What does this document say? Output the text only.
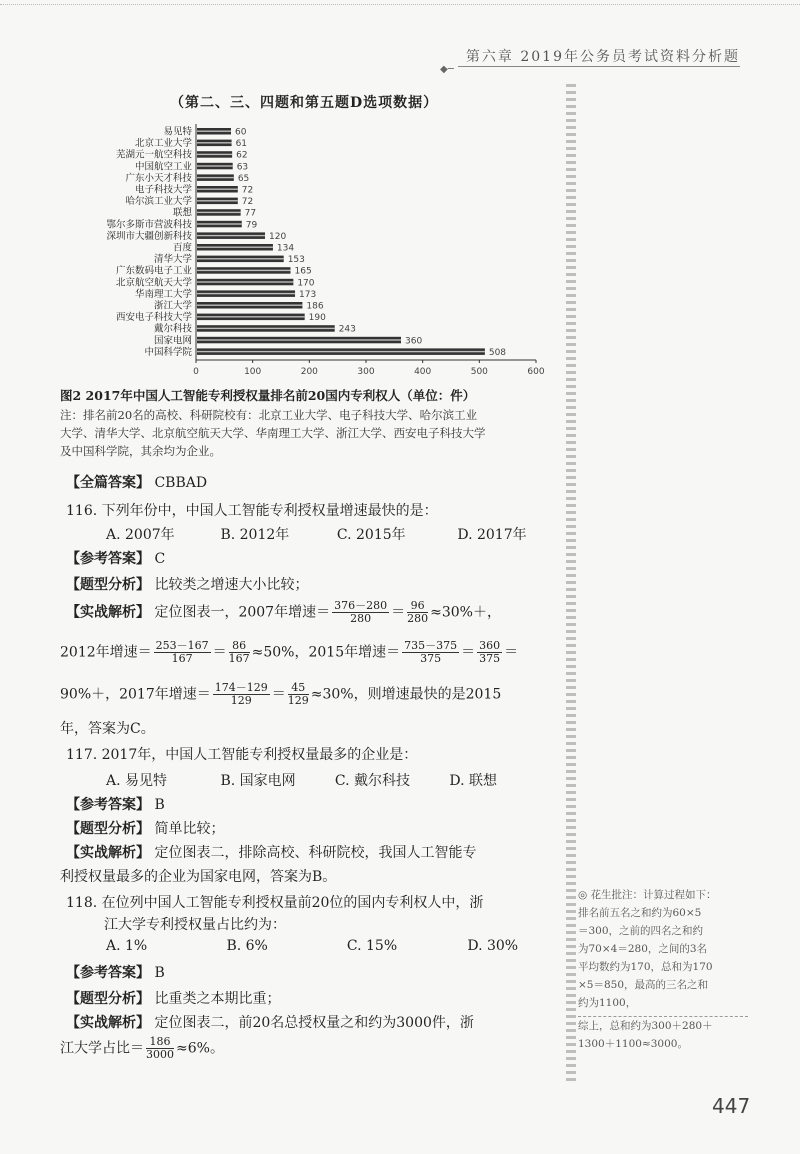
第六章 2019年公务员考试资料分析题
◆─
（第二、三、四题和第五题D选项数据）
易见特	60
北京工业大学	61
芜湖元一航空科技	62
中国航空工业	63
广东小天才科技	65
电子科技大学	72
哈尔滨工业大学	72
联想	77
鄂尔多斯市营波科技	79
深圳市大疆创新科技	120
百度	134
清华大学	153
广东数码电子工业	165
北京航空航天大学	170
华南理工大学	173
浙江大学	186
西安电子科技大学	190
戴尔科技	243
国家电网	360
中国科学院	508
0	100	200	300	400	500	600
图2 2017年中国人工智能专利授权量排名前20国内专利权人（单位：件）
注：排名前20名的高校、科研院校有：北京工业大学、电子科技大学、哈尔滨工业
大学、清华大学、北京航空航天大学、华南理工大学、浙江大学、西安电子科技大学
及中国科学院，其余均为企业。
【全篇答案】 CBBAD
116. 下列年份中，中国人工智能专利授权量增速最快的是：
A. 2007年	B. 2012年	C. 2015年	D. 2017年
【参考答案】 C
【题型分析】 比较类之增速大小比较；
【实战解析】 定位图表一，2007年增速＝ $\frac{376-280}{280} = \frac{96}{280} \approx 30\%+$，
2012年增速＝ $\frac{253-167}{167} = \frac{86}{167} \approx 50\%$，2015年增速＝ $\frac{735-375}{375} = \frac{360}{375}$ ＝
90%＋，2017年增速＝ $\frac{174-129}{129} = \frac{45}{129} \approx 30\%$，则增速最快的是2015
年，答案为C。
117. 2017年，中国人工智能专利授权量最多的企业是：
A. 易见特	B. 国家电网	C. 戴尔科技	D. 联想
【参考答案】 B
【题型分析】 简单比较；
【实战解析】 定位图表二，排除高校、科研院校，我国人工智能专
利授权量最多的企业为国家电网，答案为B。
118. 在位列中国人工智能专利授权量前20位的国内专利权人中，浙
江大学专利授权量占比约为：
A. 1%	B. 6%	C. 15%	D. 30%
【参考答案】 B
【题型分析】 比重类之本期比重；
【实战解析】 定位图表二，前20名总授权量之和约为3000件，浙
江大学占比＝ $\frac{186}{3000} \approx 6\%$。
◎ 花生批注：计算过程如下：
排名前五名之和约为60×5
＝300，之前的四名之和约
为70×4＝280，之间的3名
平均数约为170，总和为170
×5＝850，最高的三名之和
约为1100，
综上，总和约为300＋280＋
1300＋1100≈3000。
447
